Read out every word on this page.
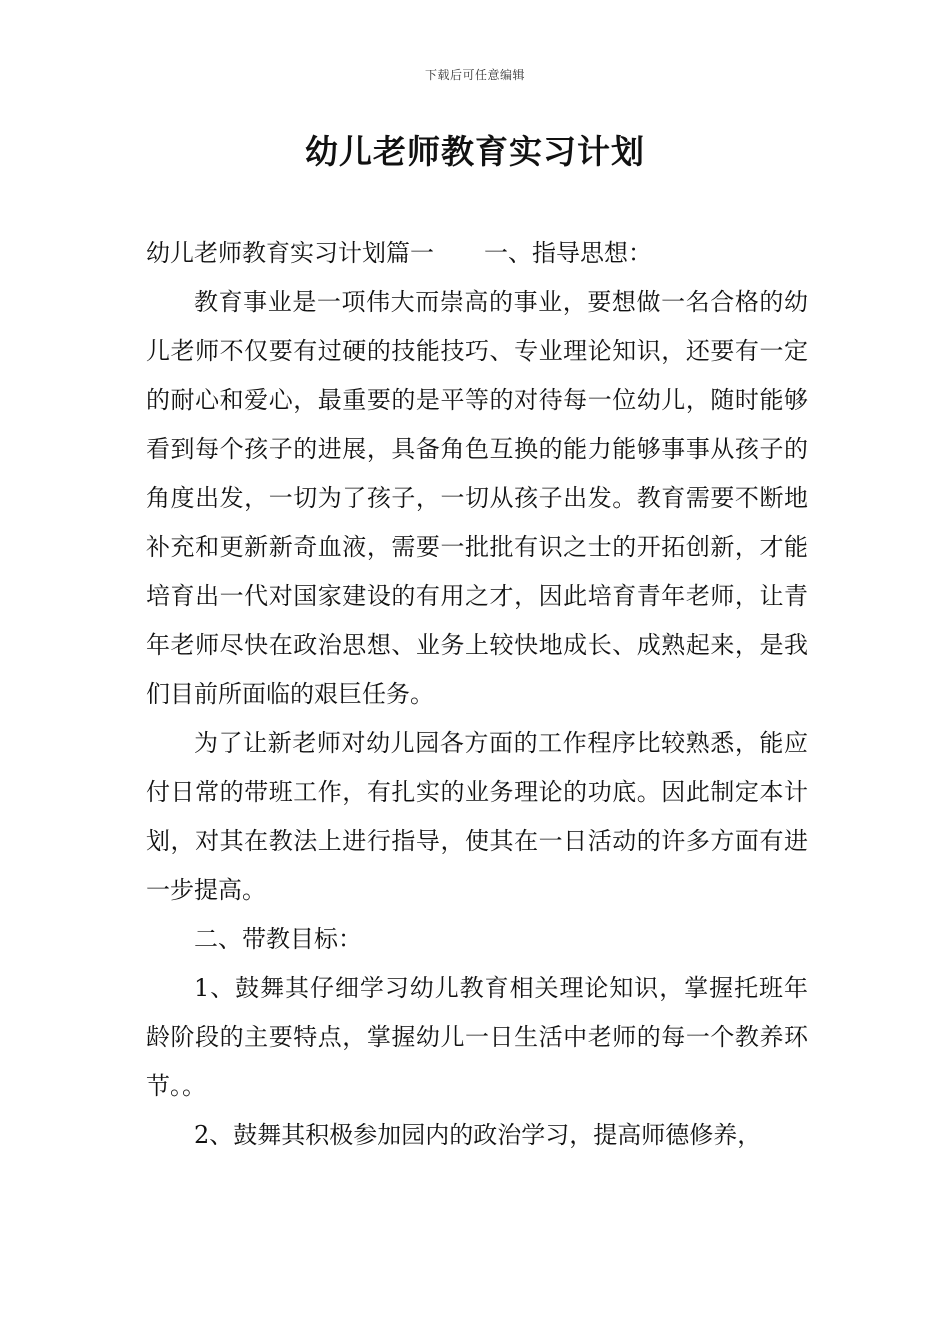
下载后可任意编辑
幼儿老师教育实习计划

幼儿老师教育实习计划篇一 一、指导思想：

教育事业是一项伟大而崇高的事业，要想做一名合格的幼儿老师不仅要有过硬的技能技巧、专业理论知识，还要有一定的耐心和爱心，最重要的是平等的对待每一位幼儿，随时能够看到每个孩子的进展，具备角色互换的能力能够事事从孩子的角度出发，一切为了孩子，一切从孩子出发。教育需要不断地补充和更新新奇血液，需要一批批有识之士的开拓创新，才能培育出一代对国家建设的有用之才，因此培育青年老师，让青年老师尽快在政治思想、业务上较快地成长、成熟起来，是我们目前所面临的艰巨任务。

为了让新老师对幼儿园各方面的工作程序比较熟悉，能应付日常的带班工作，有扎实的业务理论的功底。因此制定本计划，对其在教法上进行指导，使其在一日活动的许多方面有进一步提高。

二、带教目标：

1、鼓舞其仔细学习幼儿教育相关理论知识，掌握托班年龄阶段的主要特点，掌握幼儿一日生活中老师的每一个教养环节。。

2、鼓舞其积极参加园内的政治学习，提高师德修养，
